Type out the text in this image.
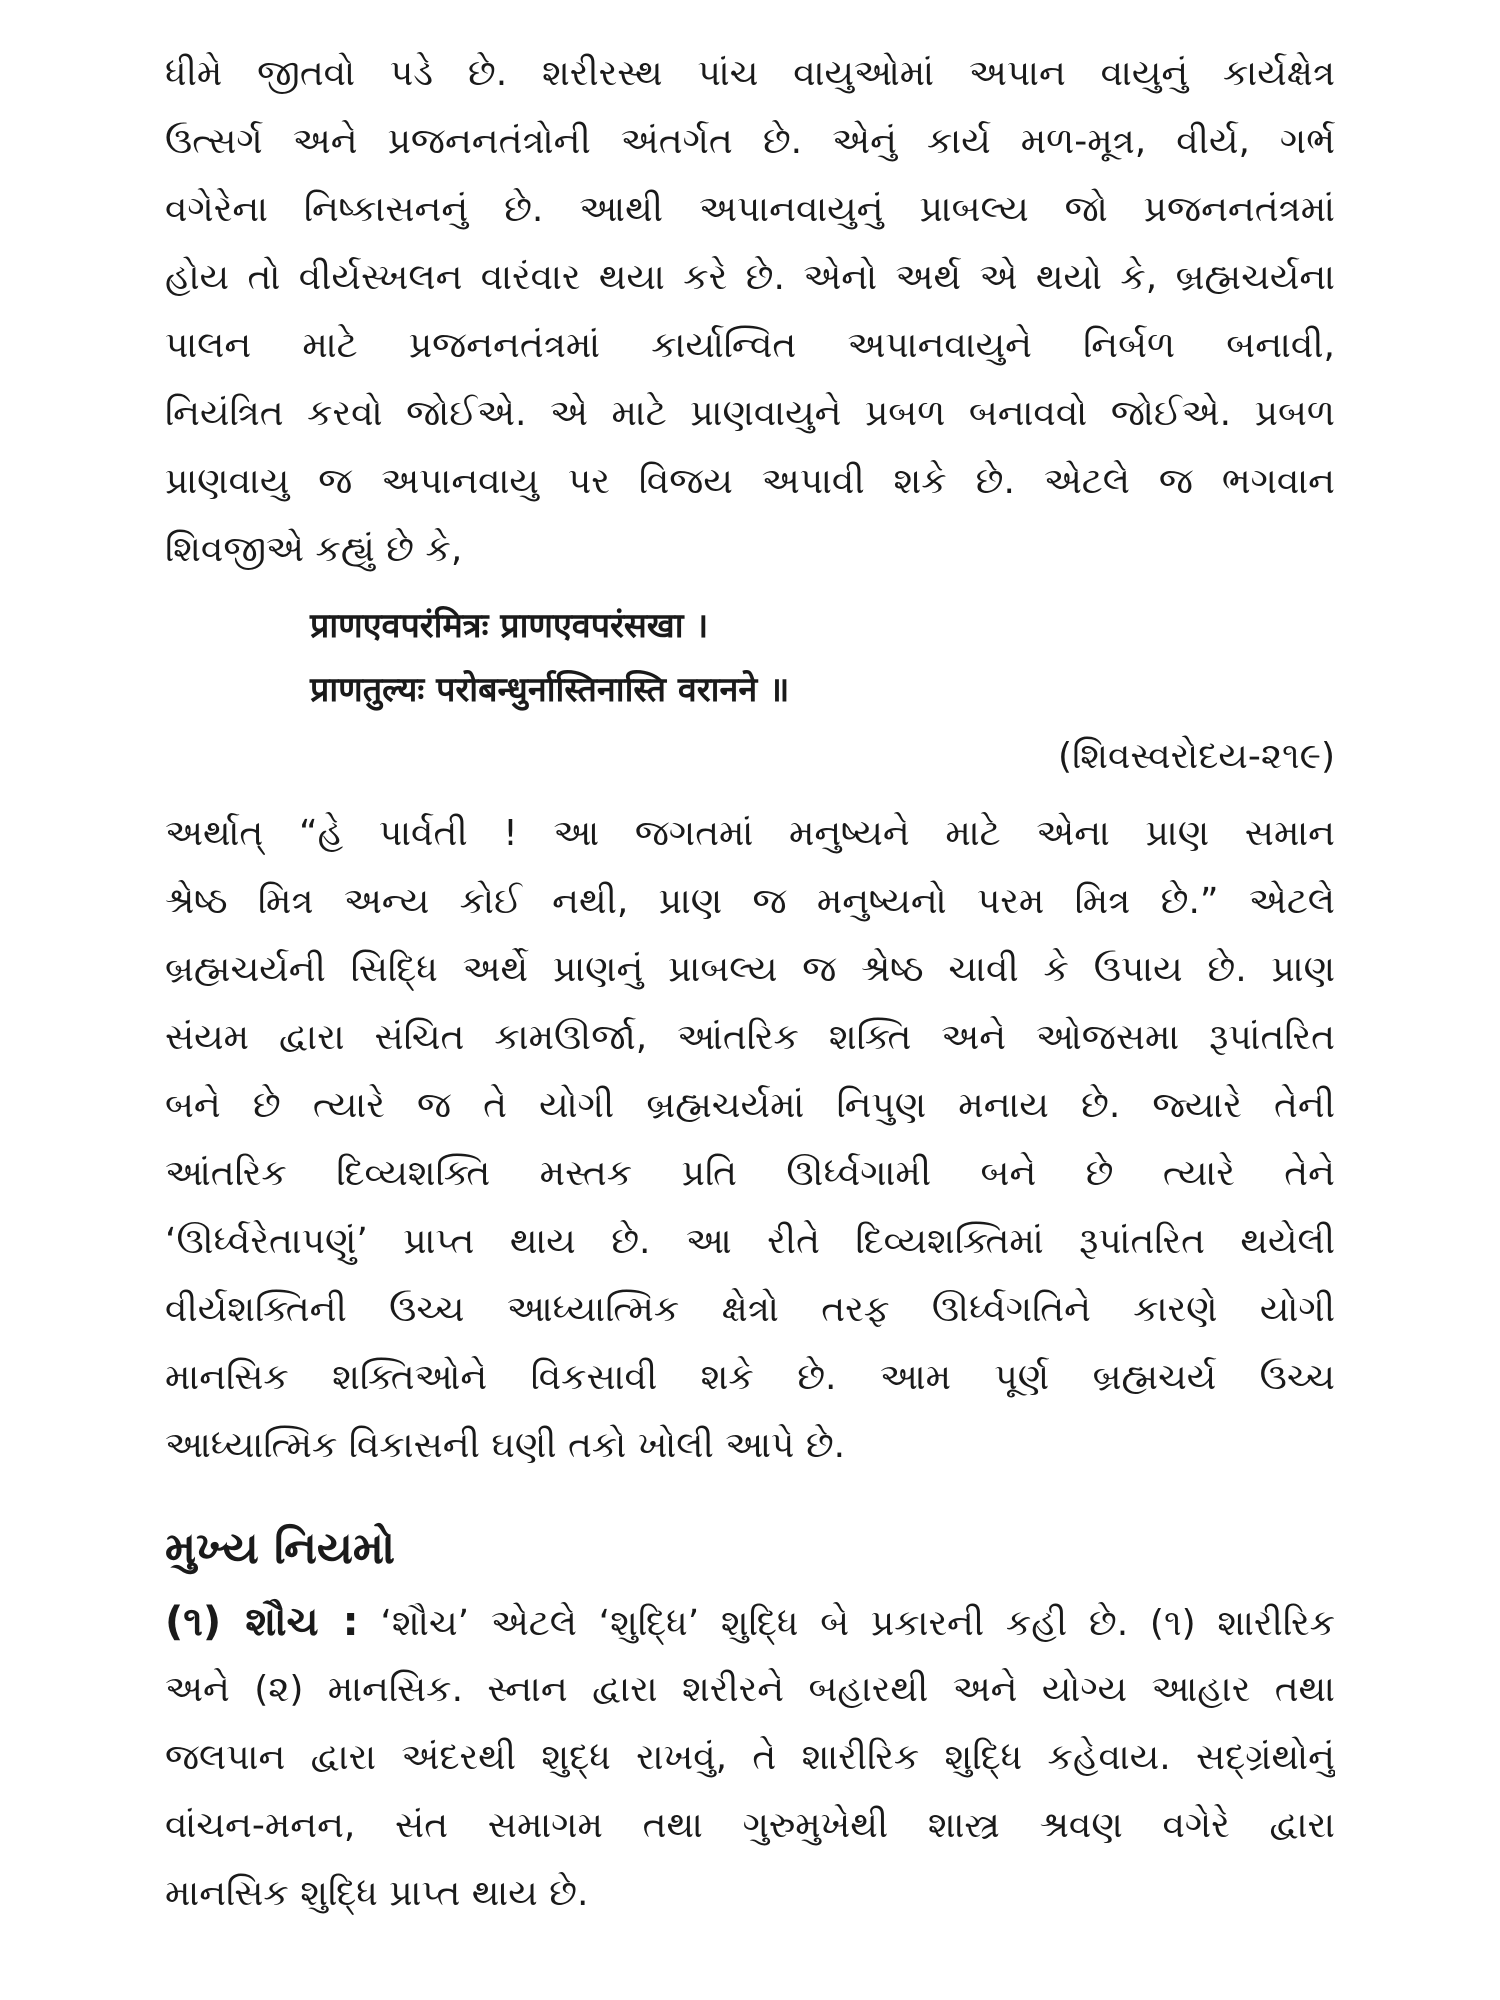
ધીમે જીતવો પડે છે. શરીરસ્થ પાંચ વાયુઓમાં અપાન વાયુનું કાર્યક્ષેત્ર
ઉત્સર્ગ અને પ્રજનનતંત્રોની અંતર્ગત છે. એનું કાર્ય મળ-મૂત્ર, વીર્ય, ગર્ભ
વગેરેના નિષ્કાસનનું છે. આથી અપાનવાયુનું પ્રાબલ્ય જો પ્રજનનતંત્રમાં
હોય તો વીર્યસ્ખલન વારંવાર થયા કરે છે. એનો અર્થ એ થયો કે, બ્રહ્મચર્યના
પાલન માટે પ્રજનનતંત્રમાં કાર્યાન્વિત અપાનવાયુને નિર્બળ બનાવી,
નિયંત્રિત કરવો જોઈએ. એ માટે પ્રાણવાયુને પ્રબળ બનાવવો જોઈએ. પ્રબળ
પ્રાણવાયુ જ અપાનવાયુ પર વિજય અપાવી શકે છે. એટલે જ ભગવાન
શિવજીએ કહ્યું છે કે,
प्राणएवपरंमित्रः प्राणएवपरंसखा ।
प्राणतुल्यः परोबन्धुर्नास्तिनास्ति वरानने ॥
(શિવસ્વરોદય-૨૧૯)
અર્થાત્ “હે પાર્વતી ! આ જગતમાં મનુષ્યને માટે એના પ્રાણ સમાન
શ્રેષ્ઠ મિત્ર અન્ય કોઈ નથી, પ્રાણ જ મનુષ્યનો પરમ મિત્ર છે.” એટલે
બ્રહ્મચર્યની સિદ્ધિ અર્થે પ્રાણનું પ્રાબલ્ય જ શ્રેષ્ઠ ચાવી કે ઉપાય છે. પ્રાણ
સંયમ દ્વારા સંચિત કામઊર્જા, આંતરિક શક્તિ અને ઓજસમા રૂપાંતરિત
બને છે ત્યારે જ તે યોગી બ્રહ્મચર્યમાં નિપુણ મનાય છે. જ્યારે તેની
આંતરિક દિવ્યશક્તિ મસ્તક પ્રતિ ઊર્ધ્વગામી બને છે ત્યારે તેને
‘ઊર્ધ્વરેતાપણું’ પ્રાપ્ત થાય છે. આ રીતે દિવ્યશક્તિમાં રૂપાંતરિત થયેલી
વીર્યશક્તિની ઉચ્ચ આધ્યાત્મિક ક્ષેત્રો તરફ ઊર્ધ્વગતિને કારણે યોગી
માનસિક શક્તિઓને વિકસાવી શકે છે. આમ પૂર્ણ બ્રહ્મચર્ય ઉચ્ચ
આધ્યાત્મિક વિકાસની ઘણી તકો ખોલી આપે છે.
મુખ્ય નિયમો
(૧) શૌચ : ‘શૌચ’ એટલે ‘શુદ્ધિ’ શુદ્ધિ બે પ્રકારની કહી છે. (૧) શારીરિક
અને (૨) માનસિક. સ્નાન દ્વારા શરીરને બહારથી અને યોગ્ય આહાર તથા
જલપાન દ્વારા અંદરથી શુદ્ધ રાખવું, તે શારીરિક શુદ્ધિ કહેવાય. સદ્ગ્રંથોનું
વાંચન-મનન, સંત સમાગમ તથા ગુરુમુખેથી શાસ્ત્ર શ્રવણ વગેરે દ્વારા
માનસિક શુદ્ધિ પ્રાપ્ત થાય છે.
